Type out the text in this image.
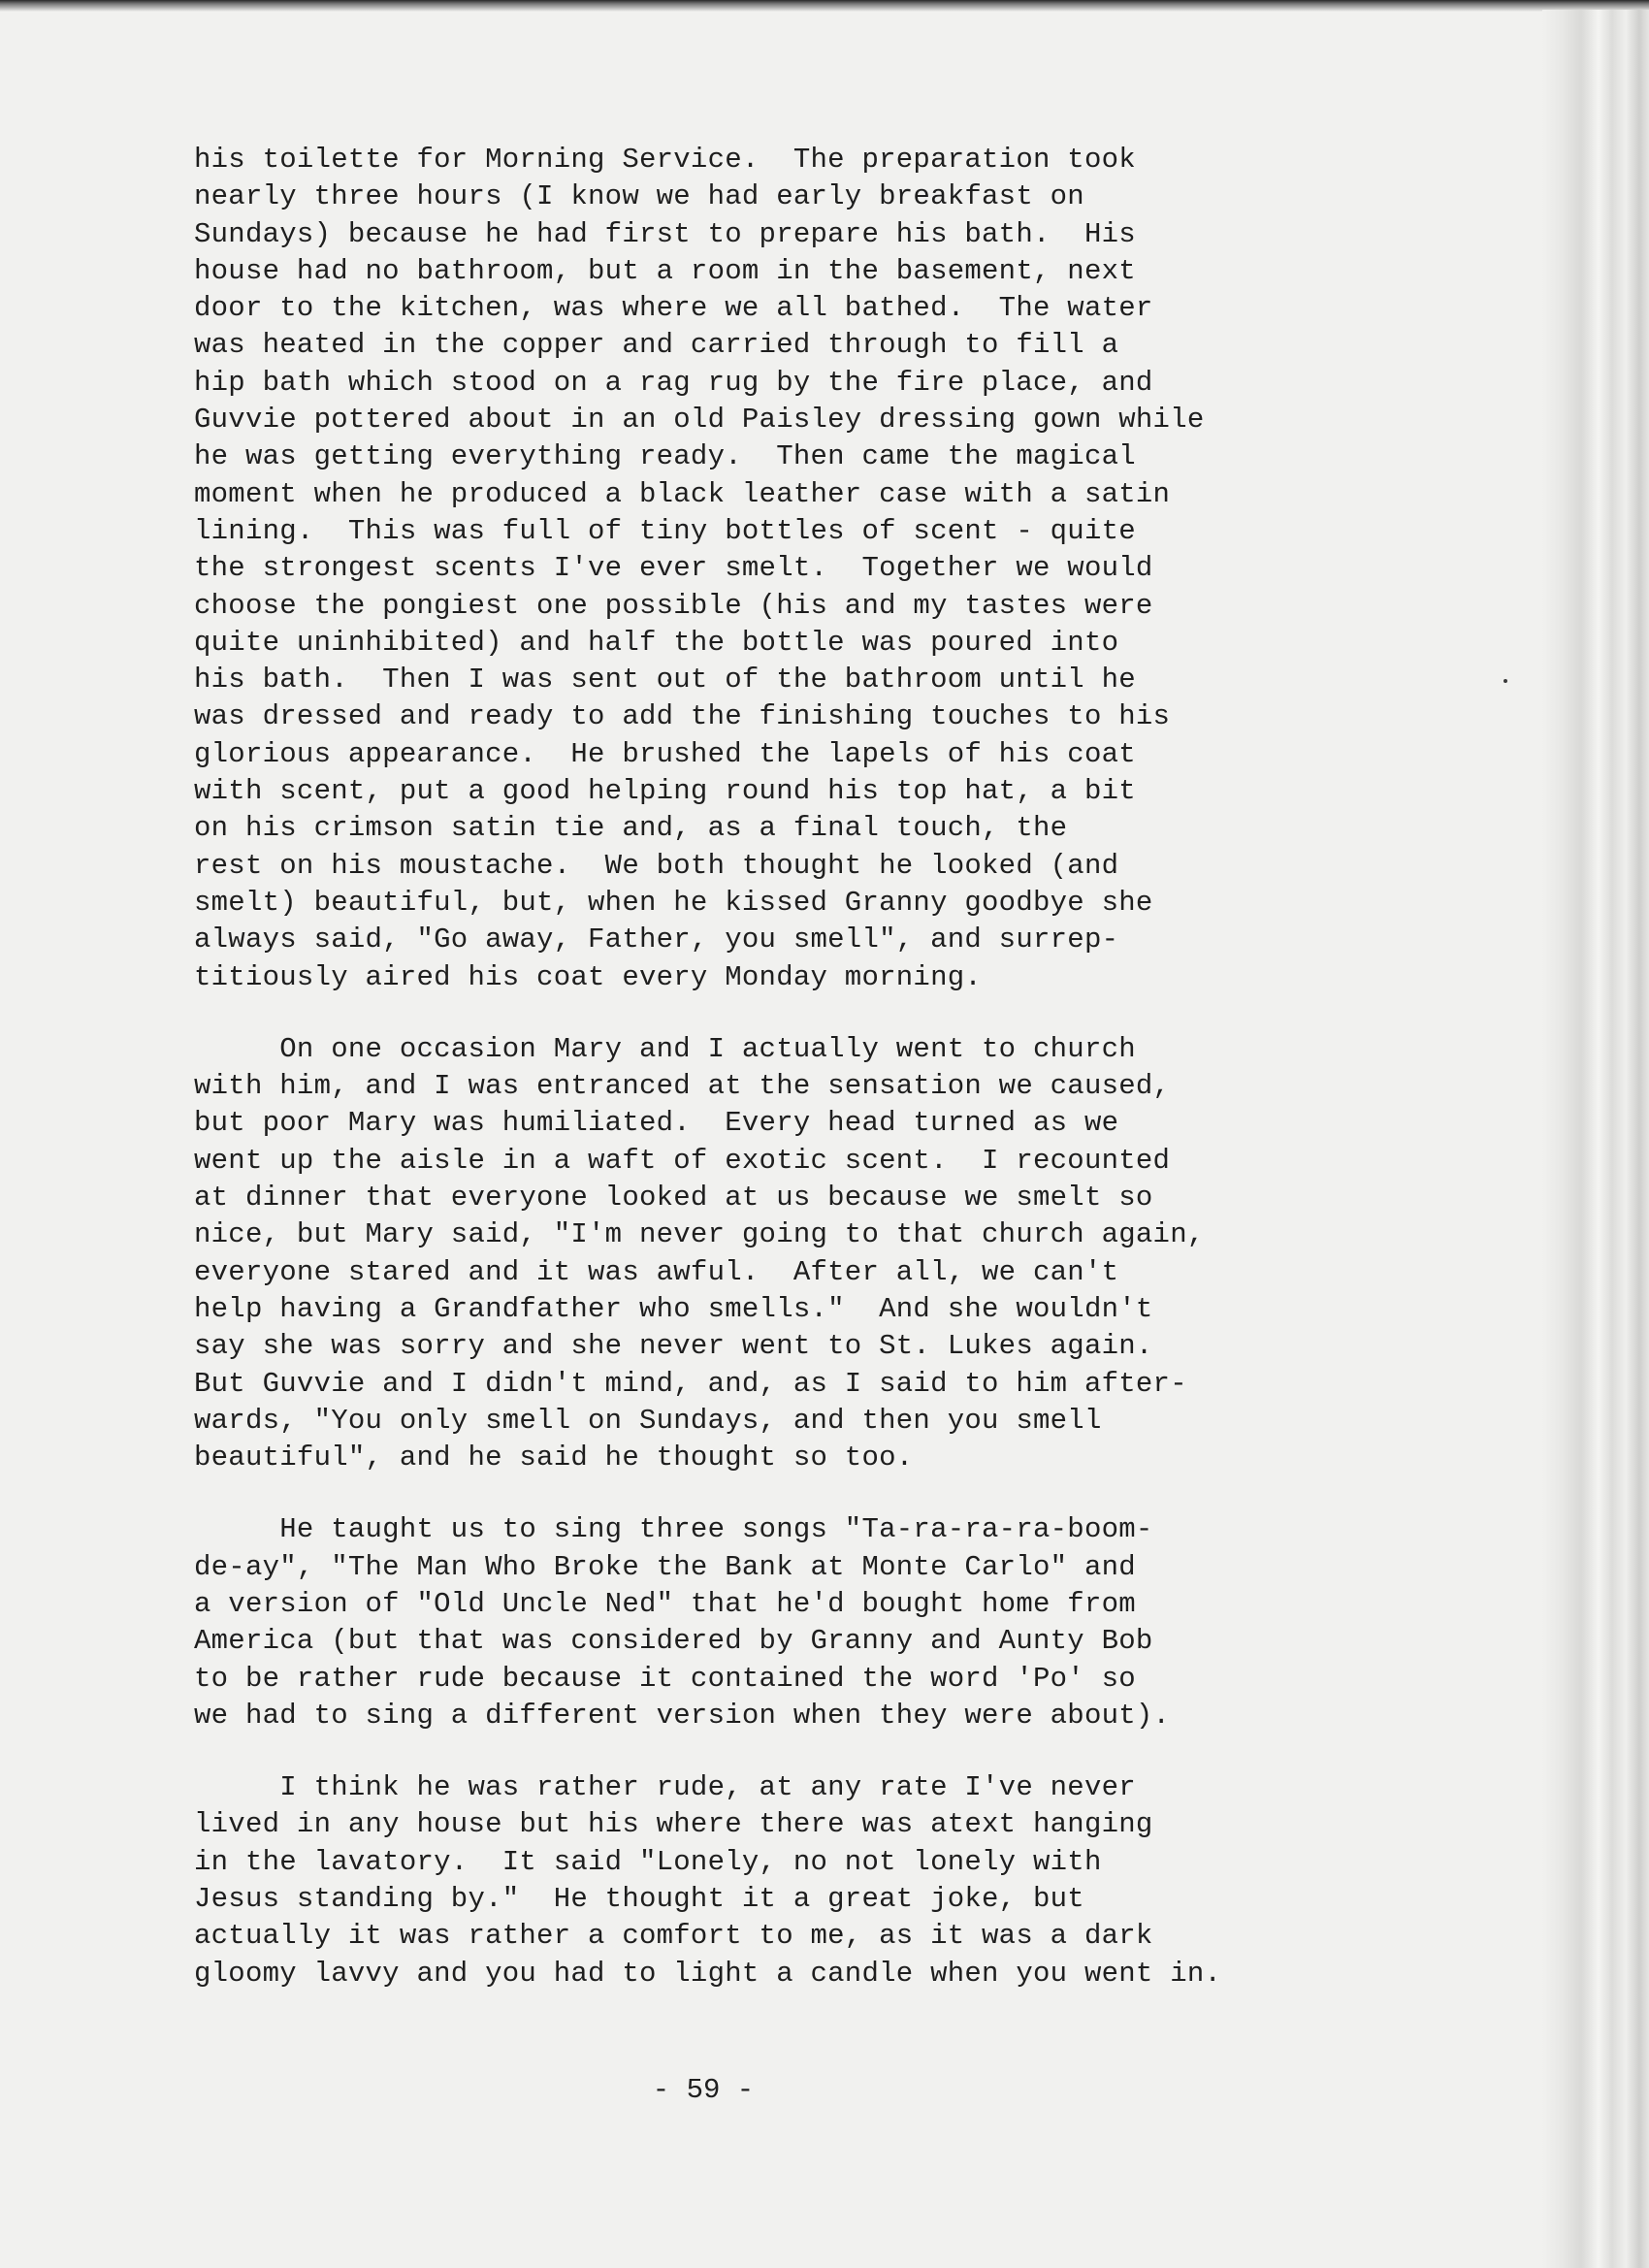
his toilette for Morning Service.  The preparation took
nearly three hours (I know we had early breakfast on
Sundays) because he had first to prepare his bath.  His
house had no bathroom, but a room in the basement, next
door to the kitchen, was where we all bathed.  The water
was heated in the copper and carried through to fill a
hip bath which stood on a rag rug by the fire place, and
Guvvie pottered about in an old Paisley dressing gown while
he was getting everything ready.  Then came the magical
moment when he produced a black leather case with a satin
lining.  This was full of tiny bottles of scent - quite
the strongest scents I've ever smelt.  Together we would
choose the pongiest one possible (his and my tastes were
quite uninhibited) and half the bottle was poured into
his bath.  Then I was sent out of the bathroom until he
was dressed and ready to add the finishing touches to his
glorious appearance.  He brushed the lapels of his coat
with scent, put a good helping round his top hat, a bit
on his crimson satin tie and, as a final touch, the
rest on his moustache.  We both thought he looked (and
smelt) beautiful, but, when he kissed Granny goodbye she
always said, "Go away, Father, you smell", and surrep-
titiously aired his coat every Monday morning.
On one occasion Mary and I actually went to church
with him, and I was entranced at the sensation we caused,
but poor Mary was humiliated.  Every head turned as we
went up the aisle in a waft of exotic scent.  I recounted
at dinner that everyone looked at us because we smelt so
nice, but Mary said, "I'm never going to that church again,
everyone stared and it was awful.  After all, we can't
help having a Grandfather who smells."  And she wouldn't
say she was sorry and she never went to St. Lukes again.
But Guvvie and I didn't mind, and, as I said to him after-
wards, "You only smell on Sundays, and then you smell
beautiful", and he said he thought so too.
He taught us to sing three songs "Ta-ra-ra-ra-boom-
de-ay", "The Man Who Broke the Bank at Monte Carlo" and
a version of "Old Uncle Ned" that he'd bought home from
America (but that was considered by Granny and Aunty Bob
to be rather rude because it contained the word 'Po' so
we had to sing a different version when they were about).
I think he was rather rude, at any rate I've never
lived in any house but his where there was atext hanging
in the lavatory.  It said "Lonely, no not lonely with
Jesus standing by."  He thought it a great joke, but
actually it was rather a comfort to me, as it was a dark
gloomy lavvy and you had to light a candle when you went in.
- 59 -
